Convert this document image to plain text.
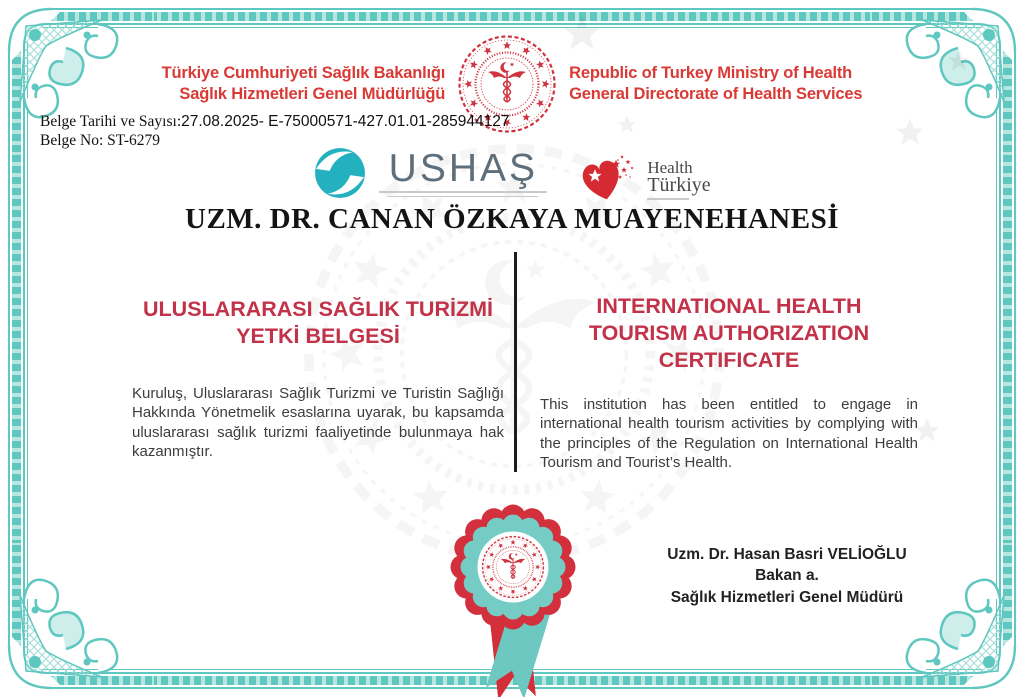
Türkiye Cumhuriyeti Sağlık Bakanlığı
Sağlık Hizmetleri Genel Müdürlüğü
Republic of Turkey Ministry of Health
General Directorate of Health Services
Belge Tarihi ve Sayısı:27.08.2025- E-75000571-427.01.01-285944127
Belge No: ST-6279
USHAŞ	Health
Türkiye
UZM. DR. CANAN ÖZKAYA MUAYENEHANESİ
ULUSLARARASI SAĞLIK TURİZMİ
YETKİ BELGESİ
Kuruluş, Uluslararası Sağlık Turizmi ve Turistin Sağlığı Hakkında Yönetmelik esaslarına uyarak, bu kapsamda uluslararası sağlık turizmi faaliyetinde bulunmaya hak kazanmıştır.
INTERNATIONAL HEALTH
TOURISM AUTHORIZATION
CERTIFICATE
This institution has been entitled to engage in international health tourism activities by complying with the principles of the Regulation on International Health Tourism and Tourist’s Health.
Uzm. Dr. Hasan Basri VELİOĞLU
Bakan a.
Sağlık Hizmetleri Genel Müdürü
